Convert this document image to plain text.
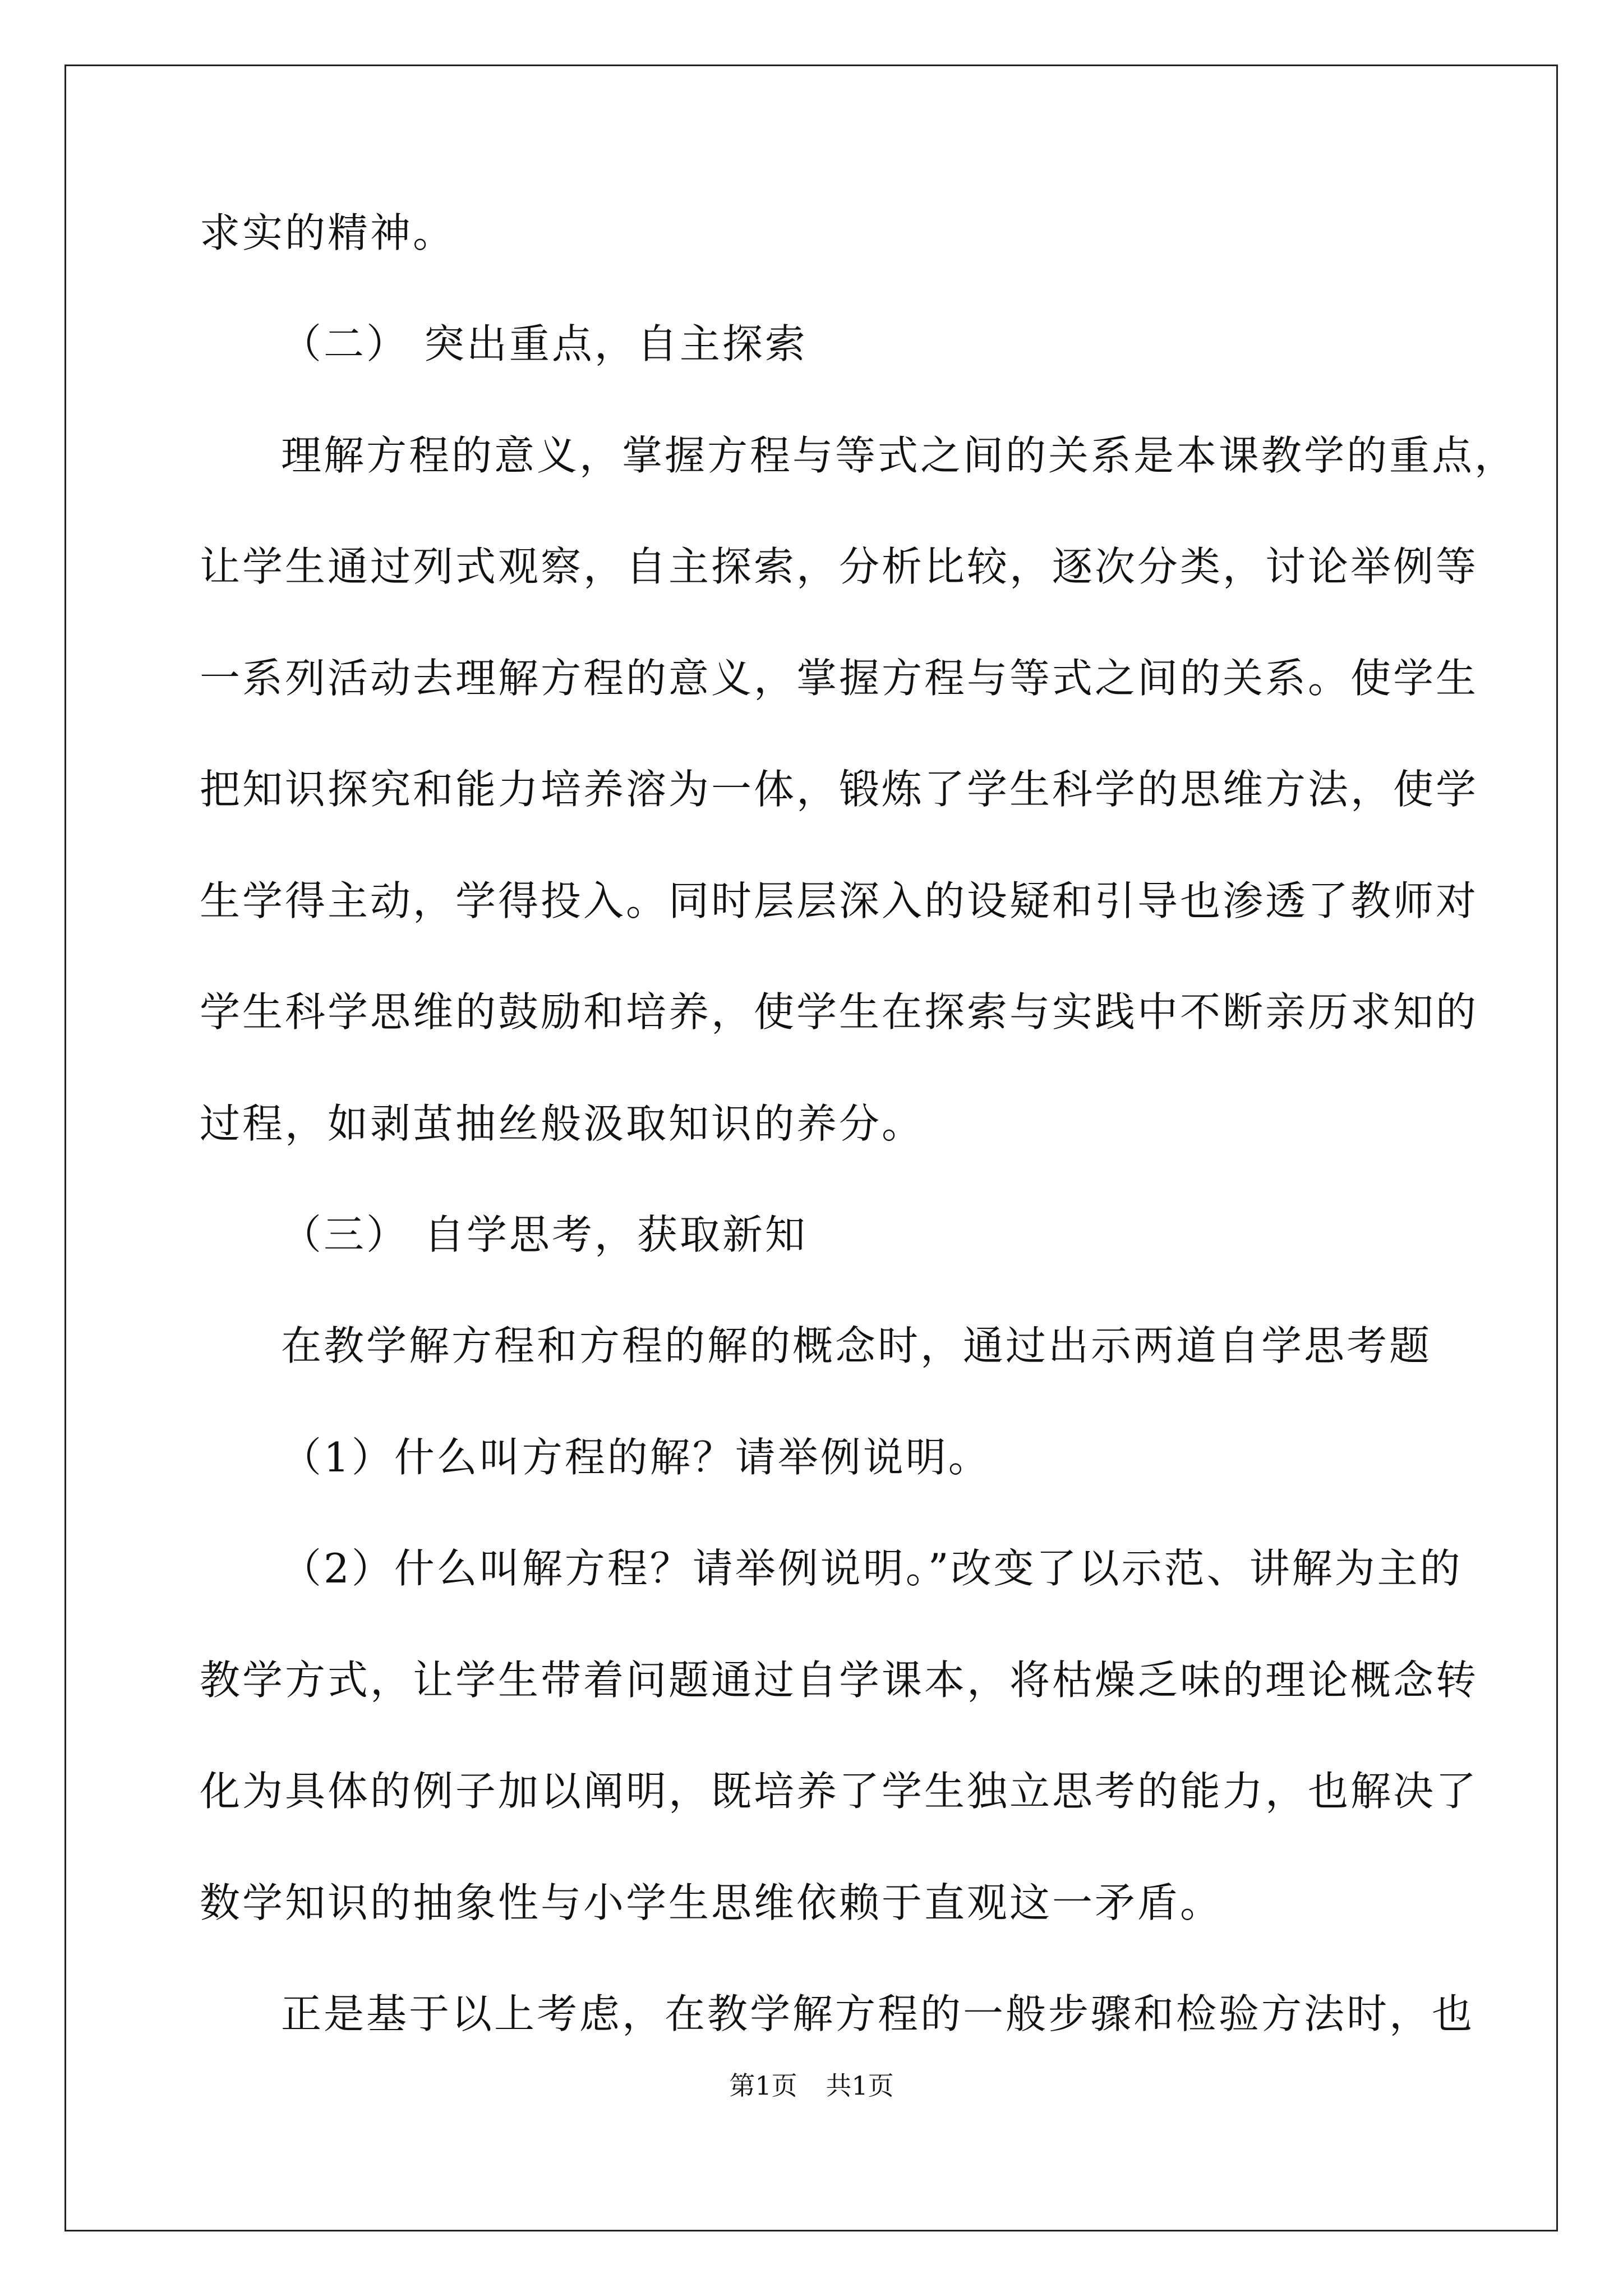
求实的精神。
（二） 突出重点，自主探索
理解方程的意义，掌握方程与等式之间的关系是本课教学的重点，
让学生通过列式观察，自主探索，分析比较，逐次分类，讨论举例等
一系列活动去理解方程的意义，掌握方程与等式之间的关系。使学生
把知识探究和能力培养溶为一体，锻炼了学生科学的思维方法，使学
生学得主动，学得投入。同时层层深入的设疑和引导也渗透了教师对
学生科学思维的鼓励和培养，使学生在探索与实践中不断亲历求知的
过程，如剥茧抽丝般汲取知识的养分。
（三） 自学思考，获取新知
在教学解方程和方程的解的概念时，通过出示两道自学思考题
（1）什么叫方程的解？请举例说明。
（2）什么叫解方程？请举例说明。”改变了以示范、讲解为主的
教学方式，让学生带着问题通过自学课本，将枯燥乏味的理论概念转
化为具体的例子加以阐明，既培养了学生独立思考的能力，也解决了
数学知识的抽象性与小学生思维依赖于直观这一矛盾。
正是基于以上考虑，在教学解方程的一般步骤和检验方法时，也
第1页 共1页
